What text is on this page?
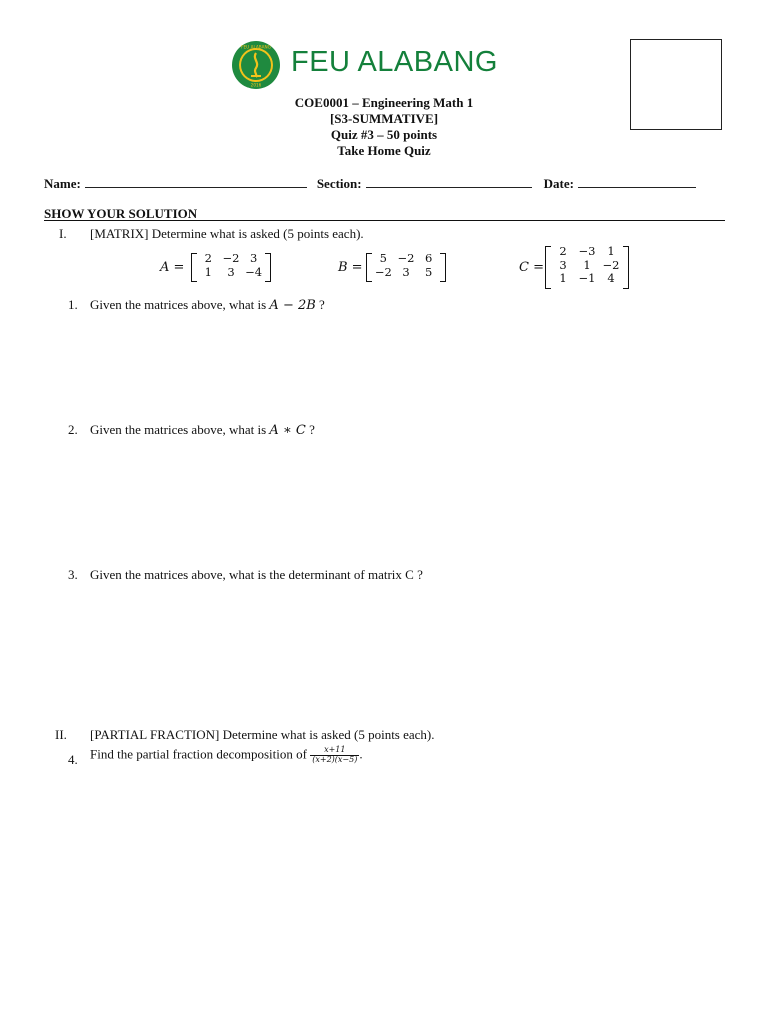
FEU ALABANG
2016
FEU ALABANG
COE0001 – Engineering Math 1
[S3-SUMMATIVE]
Quiz #3 – 50 points
Take Home Quiz
Name:	Section:	Date:
SHOW YOUR SOLUTION
I. [MATRIX] Determine what is asked (5 points each).
A =
2 −2 3
1	3 −4	B =
5 −2 6
−2 3	5	C =
2	−3	1
3	1	−2
1	−1	4
1. Given the matrices above, what is A − 2B ?
2. Given the matrices above, what is A ∗ C ?
3. Given the matrices above, what is the determinant of matrix C ?
II. [PARTIAL FRACTION] Determine what is asked (5 points each).
4. Find the partial fraction decomposition of $\frac{x+11}{(x+2)(x-5)}$ .
